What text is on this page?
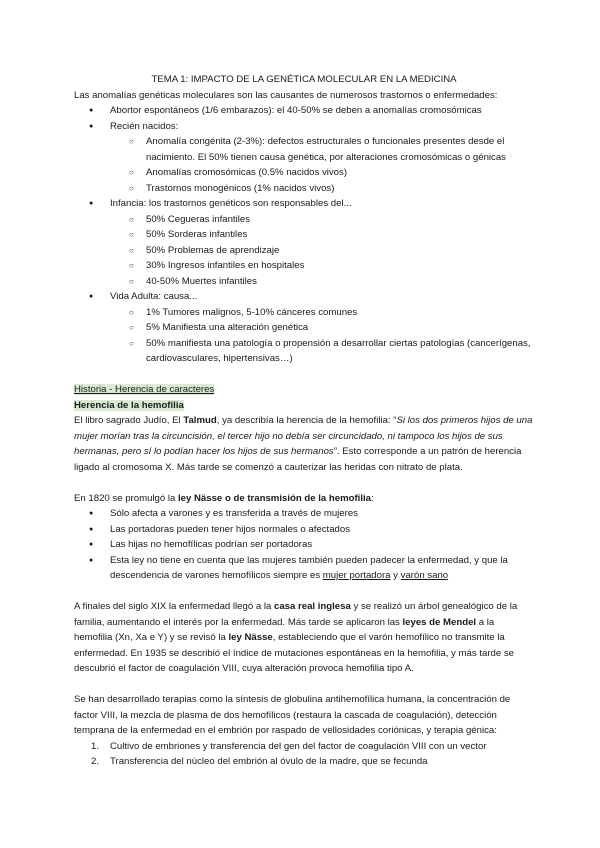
TEMA 1: IMPACTO DE LA GENÉTICA MOLECULAR EN LA MEDICINA

Las anomalías genéticas moleculares son las causantes de numerosos trastornos o enfermedades:

● Abortor espontáneos (1/6 embarazos): el 40-50% se deben a anomalías cromosómicas
● Recién nacidos:
○ Anomalía congénita (2-3%): defectos estructurales o funcionales presentes desde el nacimiento. El 50% tienen causa genética, por alteraciones cromosómicas o génicas
○ Anomalías cromosómicas (0.5% nacidos vivos)
○ Trastornos monogénicos (1% nacidos vivos)
● Infancia: los trastornos genéticos son responsables del...
○ 50% Cegueras infantiles
○ 50% Sorderas infantiles
○ 50% Problemas de aprendizaje
○ 30% Ingresos infantiles en hospitales
○ 40-50% Muertes infantiles
● Vida Adulta: causa...
○ 1% Tumores malignos, 5-10% cánceres comunes
○ 5% Manifiesta una alteración genética
○ 50% manifiesta una patología o propensión a desarrollar ciertas patologías (cancerígenas, cardiovasculares, hipertensivas…)

Historia - Herencia de caracteres

Herencia de la hemofilia

El libro sagrado Judío, El Talmud, ya describía la herencia de la hemofilia: “Si los dos primeros hijos de una mujer morían tras la circuncisión, el tercer hijo no debía ser circuncidado, ni tampoco los hijos de sus hermanas, pero sí lo podían hacer los hijos de sus hermanos”. Esto corresponde a un patrón de herencia ligado al cromosoma X. Más tarde se comenzó a cauterizar las heridas con nitrato de plata.

En 1820 se promulgó la ley Nässe o de transmisión de la hemofilia:

● Sólo afecta a varones y es transferida a través de mujeres
● Las portadoras pueden tener hijos normales o afectados
● Las hijas no hemofílicas podrían ser portadoras
● Esta ley no tiene en cuenta que las mujeres también pueden padecer la enfermedad, y que la descendencia de varones hemofílicos siempre es mujer portadora y varón sano

A finales del siglo XIX la enfermedad llegó a la casa real inglesa y se realizó un árbol genealógico de la familia, aumentando el interés por la enfermedad. Más tarde se aplicaron las leyes de Mendel a la hemofilia (Xn, Xa e Y) y se revisó la ley Nässe, estableciendo que el varón hemofílico no transmite la enfermedad. En 1935 se describió el índice de mutaciones espontáneas en la hemofilia, y más tarde se descubrió el factor de coagulación VIII, cuya alteración provoca hemofilia tipo A.

Se han desarrollado terapias como la síntesis de globulina antihemofílica humana, la concentración de factor VIII, la mezcla de plasma de dos hemofílicos (restaura la cascada de coagulación), detección temprana de la enfermedad en el embrión por raspado de vellosidades coriónicas, y terapia génica:

1. Cultivo de embriones y transferencia del gen del factor de coagulación VIII con un vector
2. Transferencia del núcleo del embrión al óvulo de la madre, que se fecunda
